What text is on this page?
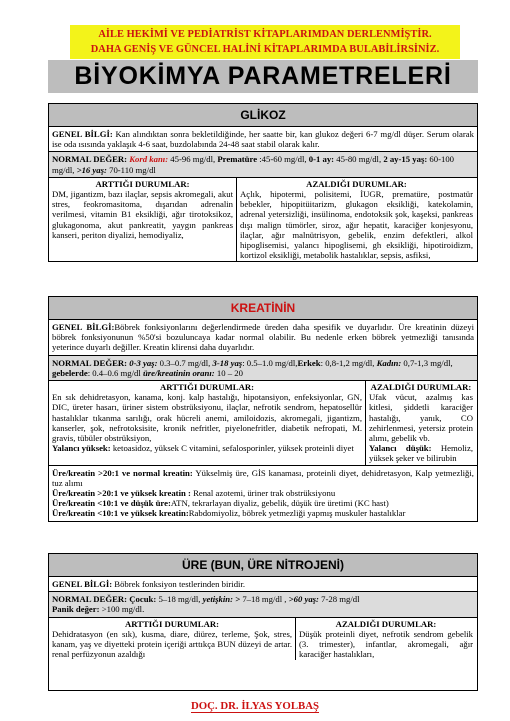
AİLE HEKİMİ VE PEDİATRİST KİTAPLARIMDAN DERLENMİŞTİR.
DAHA GENİŞ VE GÜNCEL HALİNİ KİTAPLARIMDA BULABİLİRSİNİZ.
BİYOKİMYA PARAMETRELERİ
GLİKOZ
GENEL BİLGİ: Kan alındıktan sonra bekletildiğinde, her saatte bir, kan glukoz değeri 6-7 mg/dl düşer. Serum olarak ise oda ısısında yaklaşık 4-6 saat, buzdolabında 24-48 saat stabil olarak kalır.
NORMAL DEĞER: Kord kanı: 45-96 mg/dl, Prematüre :45-60 mg/dl, 0-1 ay: 45-80 mg/dl, 2 ay-15 yaş: 60-100 mg/dl, >16 yaş: 70-110 mg/dl
ARTTIĞI DURUMLAR:
DM, jigantizm, bazı ilaçlar, sepsis akromegali, akut stres, feokromasitoma, dışarıdan adrenalin verilmesi, vitamin B1 eksikliği, ağır tirotoksikoz, glukagonoma, akut pankreatit, yaygın pankreas kanseri, periton diyalizi, hemodiyaliz,
AZALDIĞI DURUMLAR:
Açlık, hipotermi, polisitemi, İUGR, prematüre, postmatür bebekler, hipopitüitarizm, glukagon eksikliği, katekolamin, adrenal yetersizliği, insülinoma, endotoksik şok, kaşeksi, pankreas dışı malign tümörler, siroz, ağır hepatit, karaciğer konjesyonu, ilaçlar, ağır malnütrisyon, gebelik, enzim defektleri, alkol hipoglisemisi, yalancı hipoglisemi, gh eksikliği, hipotiroidizm, kortizol eksikliği, metabolik hastalıklar, sepsis, asfiksi,
KREATİNİN
GENEL BİLGİ:Böbrek fonksiyonlarını değerlendirmede üreden daha spesifik ve duyarlıdır. Üre kreatinin düzeyi böbrek fonksiyonunun %50'si bozuluncaya kadar normal olabilir. Bu nedenle erken böbrek yetmezliği tanısında yeterince duyarlı değiller. Kreatin klirensi daha duyarlıdır.
NORMAL DEĞER: 0-3 yaş: 0.3–0.7 mg/dl, 3-18 yaş: 0.5–1.0 mg/dl,Erkek: 0,8-1,2 mg/dl, Kadın: 0,7-1,3 mg/dl, gebelerde: 0.4–0.6 mg/dl üre/kreatinin oranı: 10 – 20
ARTTIĞI DURUMLAR:
En sık dehidretasyon, kanama, konj. kalp hastalığı, hipotansiyon, enfeksiyonlar, GN, DIC, üreter hasarı, üriner sistem obstrüksiyonu, ilaçlar, nefrotik sendrom, hepatosellür hastalıklar tıkanma sarılığı, orak hücreli anemi, amiloidozis, akromegali, jigantizm, kanserler, şok, nefrotoksisite, kronik nefritler, piyelonefritler, diabetik nefropati, M. gravis, tübüler obstrüksiyon,
Yalancı yüksek: ketoasidoz, yüksek C vitamini, sefalosporinler, yüksek proteinli diyet
AZALDIĞI DURUMLAR:
Ufak vücut, azalmış kas kitlesi, şiddetli karaciğer hastalığı, yanık, CO zehirlenmesi, yetersiz protein alımı, gebelik vb.
Yalancı düşük: Hemoliz, yüksek şeker ve bilirubin
Üre/kreatin >20:1 ve normal kreatin: Yükselmiş üre, GİS kanaması, proteinli diyet, dehidretasyon, Kalp yetmezliği, tuz alımı
Üre/kreatin >20:1 ve yüksek kreatin : Renal azotemi, üriner trak obstrüksiyonu
Üre/kreatin <10:1 ve düşük üre:ATN, tekrarlayan diyaliz, gebelik, düşük üre üretimi (KC hast)
Üre/kreatin <10:1 ve yüksek kreatin:Rabdomiyoliz, böbrek yetmezliği yapmış muskuler hastalıklar
ÜRE (BUN, ÜRE NİTROJENİ)
GENEL BİLGİ: Böbrek fonksiyon testlerinden biridir.
NORMAL DEĞER: Çocuk: 5–18 mg/dl, yetişkin: > 7–18 mg/dl , >60 yaş: 7-28 mg/dl
Panik değer: >100 mg/dl.
ARTTIĞI DURUMLAR:
Dehidratasyon (en sık), kusma, diare, diürez, terleme, Şok, stres, kanam, yaş ve diyetteki protein içeriği arttıkça BUN düzeyi de artar. renal perfüzyonun azaldığı
AZALDIĞI DURUMLAR:
Düşük proteinli diyet, nefrotik sendrom gebelik (3. trimester), infantlar, akromegali, ağır karaciğer hastalıkları,
DOÇ. DR. İLYAS YOLBAŞ
